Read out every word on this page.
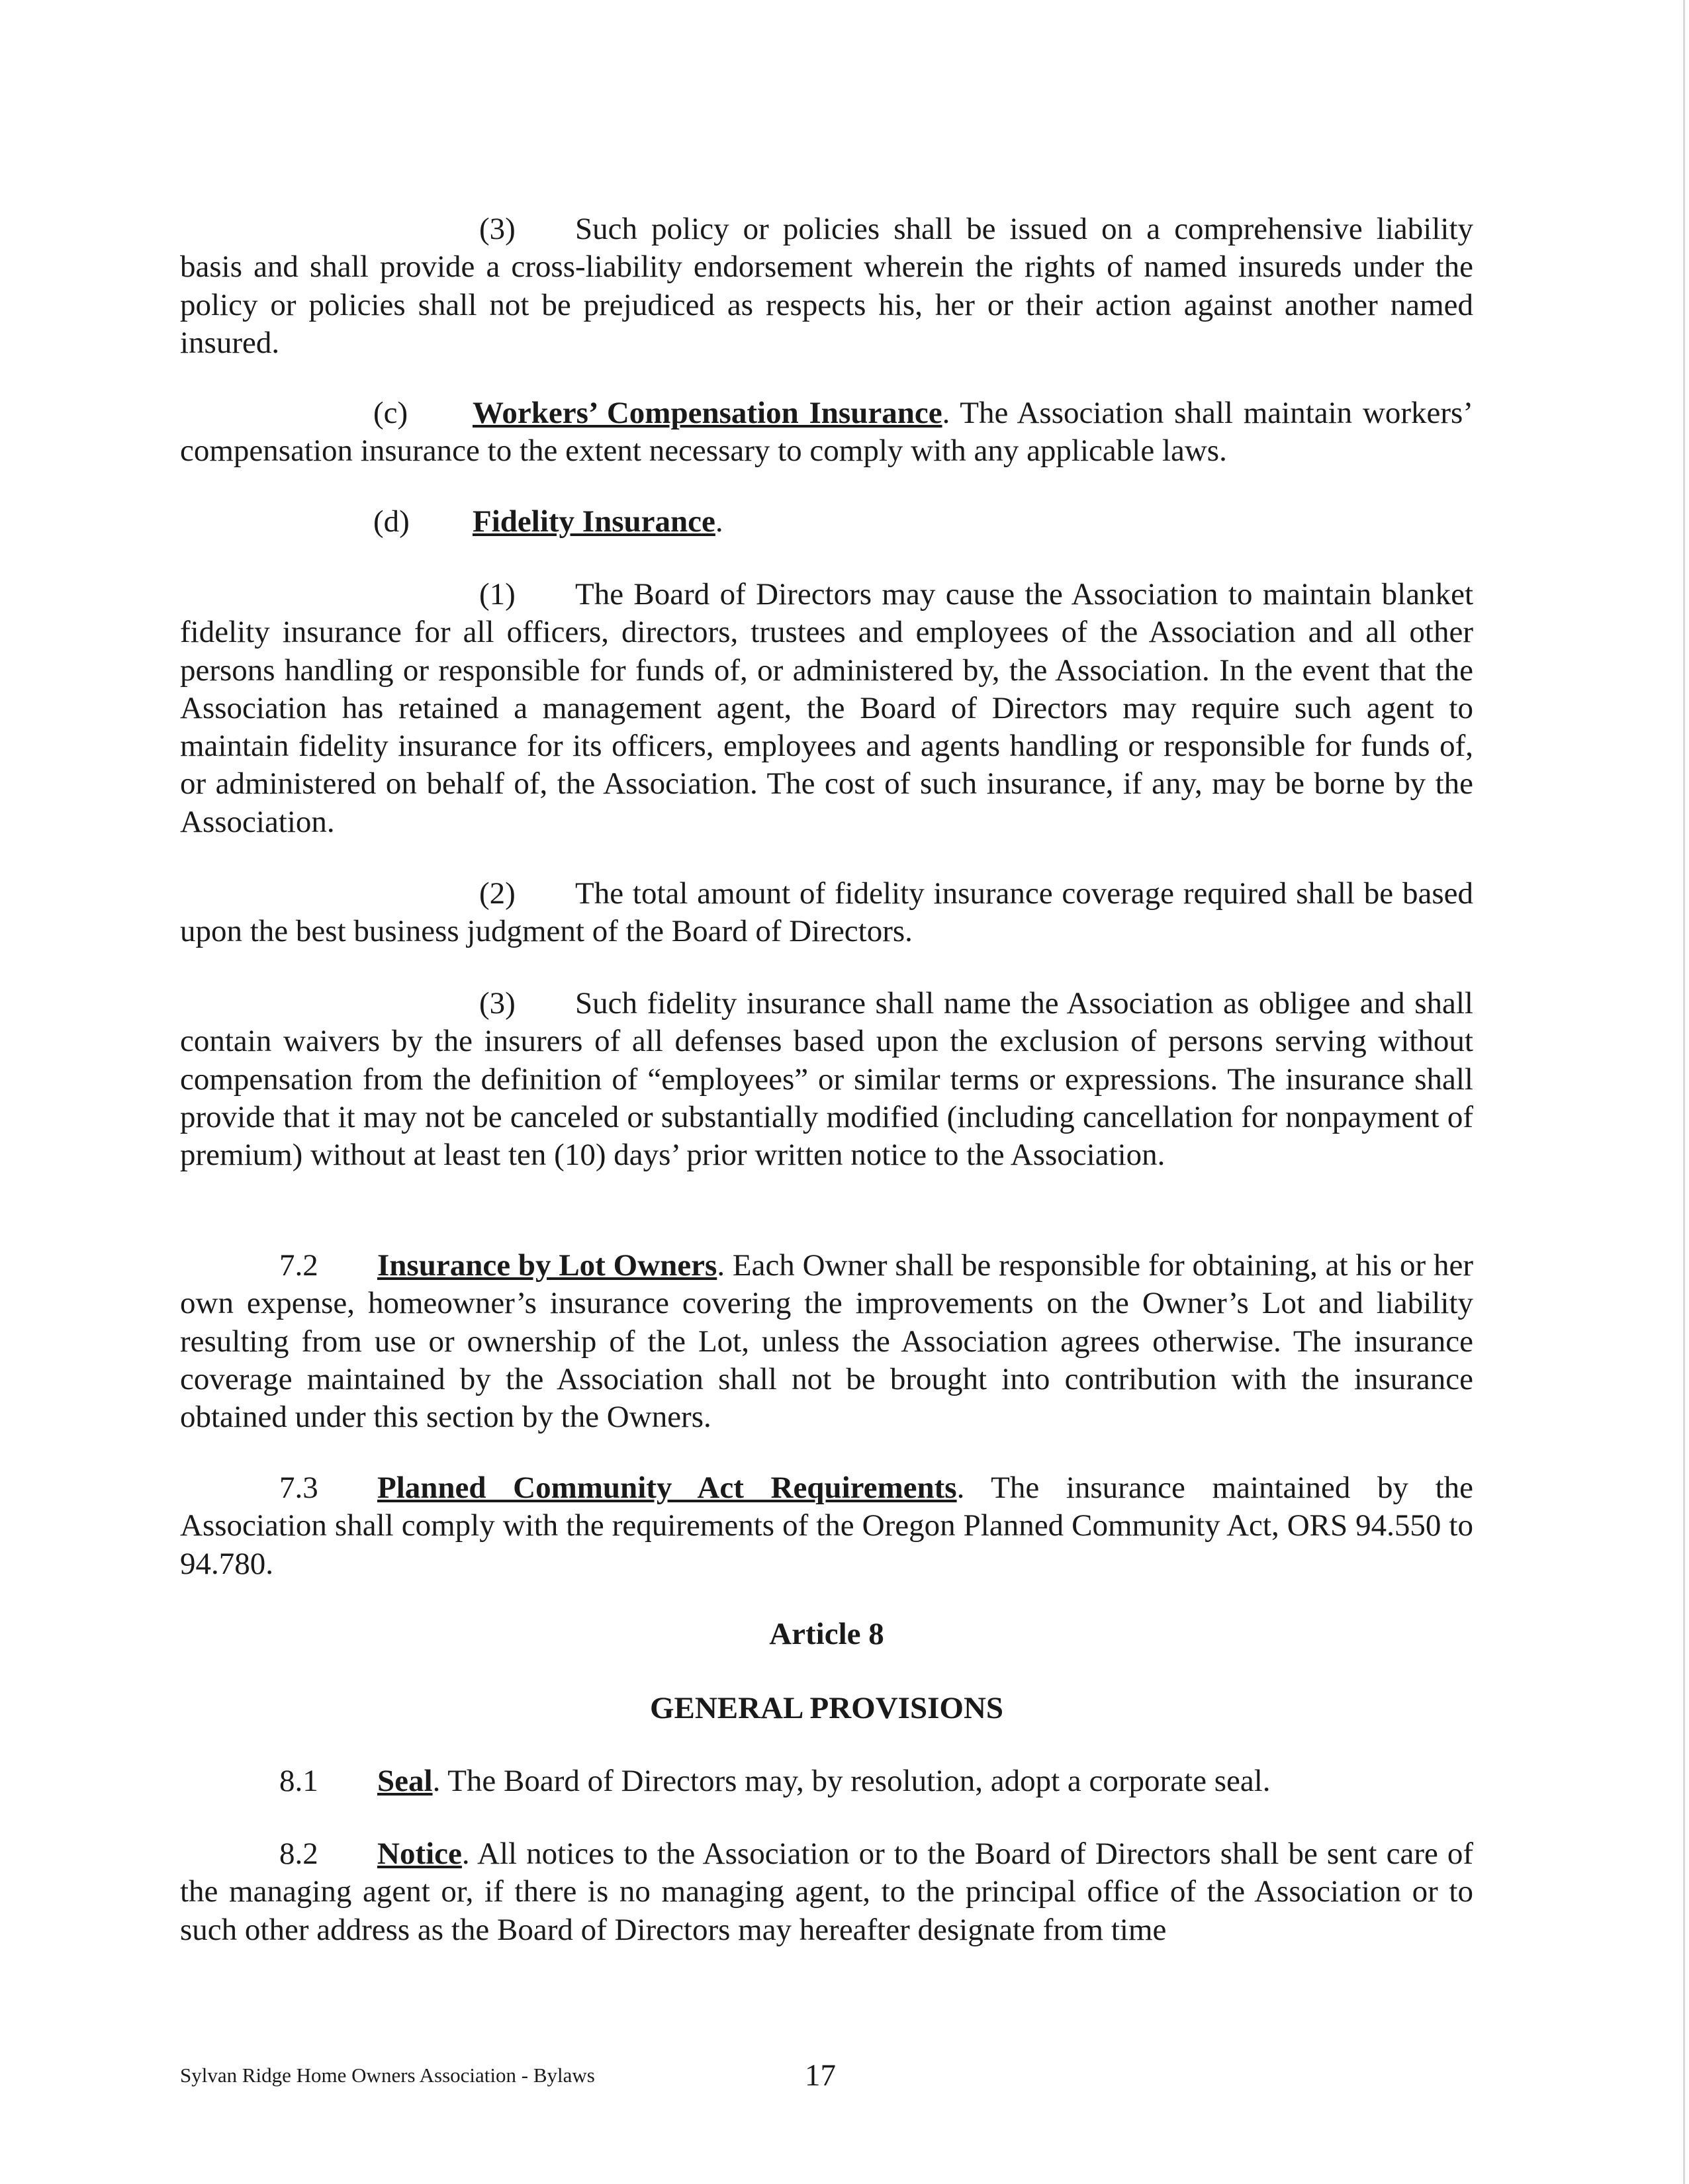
(3) Such policy or policies shall be issued on a comprehensive liability basis and shall provide a cross-liability endorsement wherein the rights of named insureds under the policy or policies shall not be prejudiced as respects his, her or their action against another named insured.

(c) Workers’ Compensation Insurance. The Association shall maintain workers’ compensation insurance to the extent necessary to comply with any applicable laws.

(d) Fidelity Insurance.

(1) The Board of Directors may cause the Association to maintain blanket fidelity insurance for all officers, directors, trustees and employees of the Association and all other persons handling or responsible for funds of, or administered by, the Association. In the event that the Association has retained a management agent, the Board of Directors may require such agent to maintain fidelity insurance for its officers, employees and agents handling or responsible for funds of, or administered on behalf of, the Association. The cost of such insurance, if any, may be borne by the Association.

(2) The total amount of fidelity insurance coverage required shall be based upon the best business judgment of the Board of Directors.

(3) Such fidelity insurance shall name the Association as obligee and shall contain waivers by the insurers of all defenses based upon the exclusion of persons serving without compensation from the definition of “employees” or similar terms or expressions. The insurance shall provide that it may not be canceled or substantially modified (including cancellation for nonpayment of premium) without at least ten (10) days’ prior written notice to the Association.

7.2 Insurance by Lot Owners. Each Owner shall be responsible for obtaining, at his or her own expense, homeowner’s insurance covering the improvements on the Owner’s Lot and liability resulting from use or ownership of the Lot, unless the Association agrees otherwise. The insurance coverage maintained by the Association shall not be brought into contribution with the insurance obtained under this section by the Owners.

7.3 Planned Community Act Requirements. The insurance maintained by the Association shall comply with the requirements of the Oregon Planned Community Act, ORS 94.550 to 94.780.

Article 8

GENERAL PROVISIONS

8.1 Seal. The Board of Directors may, by resolution, adopt a corporate seal.

8.2 Notice. All notices to the Association or to the Board of Directors shall be sent care of the managing agent or, if there is no managing agent, to the principal office of the Association or to such other address as the Board of Directors may hereafter designate from time

Sylvan Ridge Home Owners Association - Bylaws	17
